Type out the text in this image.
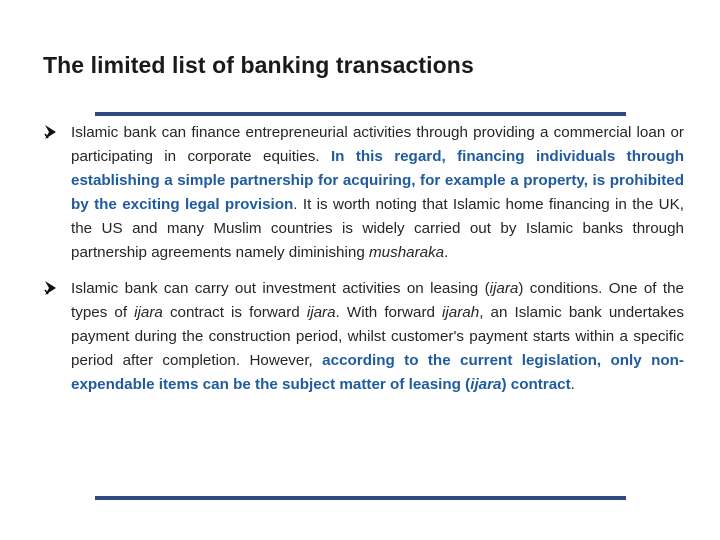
The limited list of banking transactions
Islamic bank can finance entrepreneurial activities through providing a commercial loan or participating in corporate equities. In this regard, financing individuals through establishing a simple partnership for acquiring, for example a property, is prohibited by the exciting legal provision. It is worth noting that Islamic home financing in the UK, the US and many Muslim countries is widely carried out by Islamic banks through partnership agreements namely diminishing musharaka.
Islamic bank can carry out investment activities on leasing (ijara) conditions. One of the types of ijara contract is forward ijara. With forward ijarah, an Islamic bank undertakes payment during the construction period, whilst customer's payment starts within a specific period after completion. However, according to the current legislation, only non-expendable items can be the subject matter of leasing (ijara) contract.
